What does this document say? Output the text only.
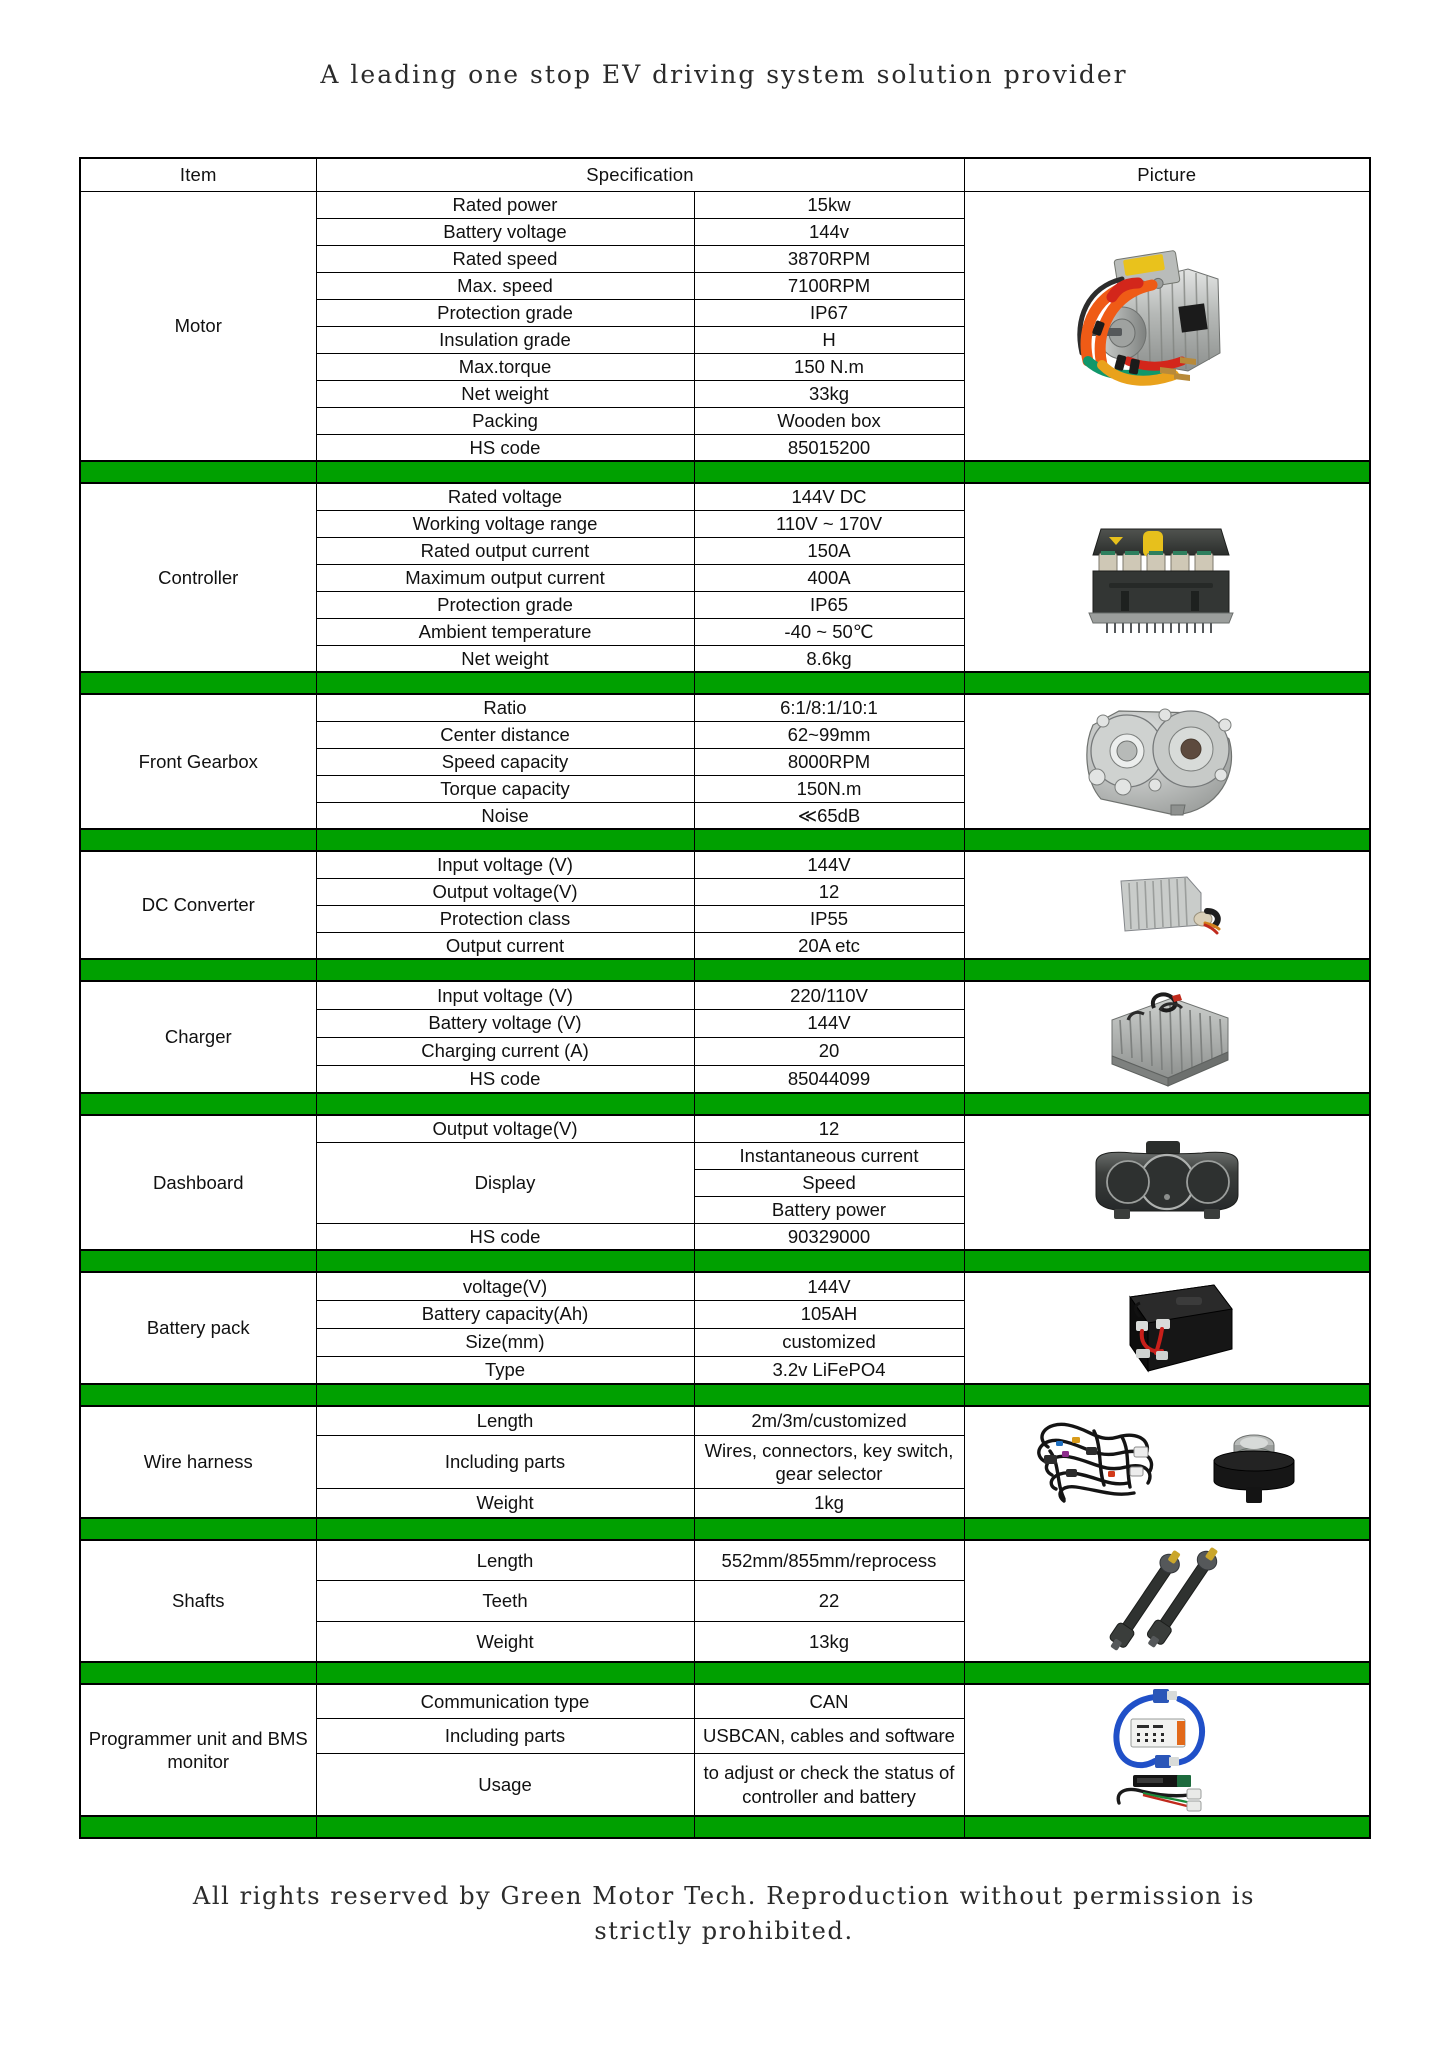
A leading one stop EV driving system solution provider
Item	Specification		Picture
Motor	Rated power	15kw	

	Battery voltage	144v	
	Rated speed	3870RPM	
	Max. speed	7100RPM	
	Protection grade	IP67	
	Insulation grade	H	
	Max.torque	150 N.m	
	Net weight	33kg	
	Packing	Wooden box	
	HS code	85015200	

Controller	Rated voltage	144V DC	

	Working voltage range	110V ~ 170V	
	Rated output current	150A	
	Maximum output current	400A	
	Protection grade	IP65	
	Ambient temperature	-40 ~ 50℃	
	Net weight	8.6kg	

Front Gearbox	Ratio	6:1/8:1/10:1	

	Center distance	62~99mm	
	Speed capacity	8000RPM	
	Torque capacity	150N.m	
	Noise	≪65dB	

DC Converter	Input voltage (V)	144V	

	Output voltage(V)	12	
	Protection class	IP55	
	Output current	20A etc	

Charger	Input voltage (V)	220/110V	

	Battery voltage (V)	144V	
	Charging current (A)	20	
	HS code	85044099	

Dashboard	Output voltage(V)	12	

	Display	Instantaneous current	
		Speed	
		Battery power	
	HS code	90329000	

Battery pack	voltage(V)	144V	

	Battery capacity(Ah)	105AH	
	Size(mm)	customized	
	Type	3.2v LiFePO4	

Wire harness	Length	2m/3m/customized	

	Including parts	Wires, connectors, key switch, gear selector	
	Weight	1kg	

Shafts	Length	552mm/855mm/reprocess	

	Teeth	22	
	Weight	13kg	

Programmer unit and BMS monitor	Communication type	CAN	

	Including parts	USBCAN, cables and software	
	Usage	to adjust or check the status of controller and battery	

All rights reserved by Green Motor Tech. Reproduction without permission is strictly prohibited.
